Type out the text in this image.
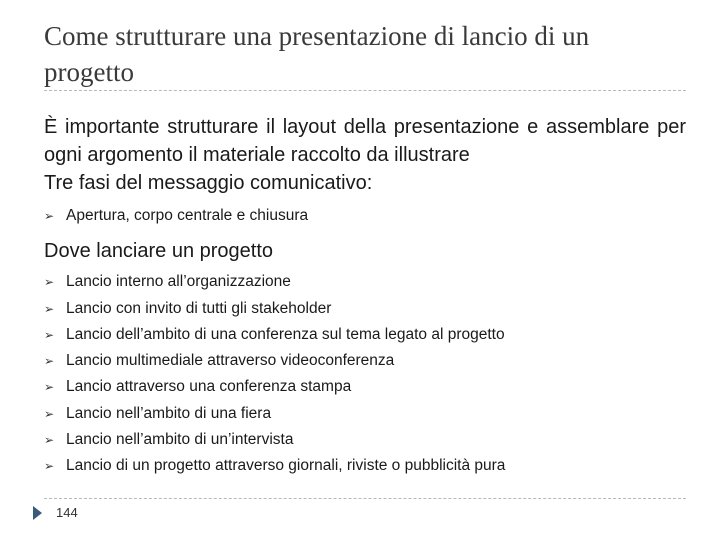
Come strutturare una presentazione di lancio di un progetto

È importante strutturare il layout della presentazione e assemblare per ogni argomento il materiale raccolto da illustrare

Tre fasi del messaggio comunicativo:

➢ Apertura, corpo centrale e chiusura

Dove lanciare un progetto

➢ Lancio interno all’organizzazione
➢ Lancio con invito di tutti gli stakeholder
➢ Lancio dell’ambito di una conferenza sul tema legato al progetto
➢ Lancio multimediale attraverso videoconferenza
➢ Lancio attraverso una conferenza stampa
➢ Lancio nell’ambito di una fiera
➢ Lancio nell’ambito di un’intervista
➢ Lancio di un progetto attraverso giornali, riviste o pubblicità pura
144
